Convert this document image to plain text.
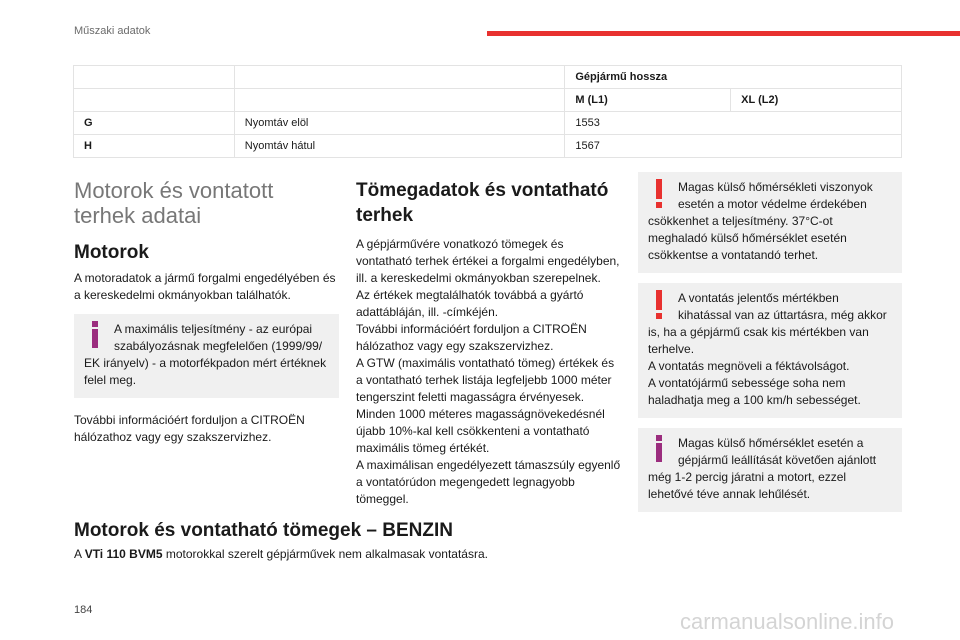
Műszaki adatok
		Gépjármű hossza	
		M (L1)	XL (L2)
G	Nyomtáv elöl	1553	
H	Nyomtáv hátul	1567	
Motorok és vontatott terhek adatai
Motorok

A motoradatok a jármű forgalmi engedélyében és a kereskedelmi okmányokban találhatók.

A maximális teljesítmény - az európai szabályozásnak megfelelően (1999/99/ EK irányelv) - a motorfékpadon mért értéknek felel meg.

További információért forduljon a CITROËN hálózathoz vagy egy szakszervizhez.

Tömegadatok és vontatható terhek

A gépjárművére vonatkozó tömegek és vontatható terhek értékei a forgalmi engedélyben, ill. a kereskedelmi okmányokban szerepelnek.
Az értékek megtalálhatók továbbá a gyártó adattábláján, ill. -címkéjén.
További információért forduljon a CITROËN hálózathoz vagy egy szakszervizhez.
A GTW (maximális vontatható tömeg) értékek és a vontatható terhek listája legfeljebb 1000 méter tengerszint feletti magasságra érvényesek.
Minden 1000 méteres magasságnövekedésnél újabb 10%-kal kell csökkenteni a vontatható maximális tömeg értékét.
A maximálisan engedélyezett támaszsúly egyenlő a vontatórúdon megengedett legnagyobb tömeggel.

Magas külső hőmérsékleti viszonyok esetén a motor védelme érdekében csökkenhet a teljesítmény. 37°C-ot meghaladó külső hőmérséklet esetén csökkentse a vontatandó terhet.
A vontatás jelentős mértékben kihatással van az úttartásra, még akkor is, ha a gépjármű csak kis mértékben van terhelve.
A vontatás megnöveli a féktávolságot.
A vontatójármű sebessége soha nem haladhatja meg a 100 km/h sebességet.
Magas külső hőmérséklet esetén a gépjármű leállítását követően ajánlott még 1-2 percig járatni a motort, ezzel lehetővé téve annak lehűlését.
Motorok és vontatható tömegek – BENZIN

A VTi 110 BVM5 motorokkal szerelt gépjárművek nem alkalmasak vontatásra.

184	carmanualsonline.info
